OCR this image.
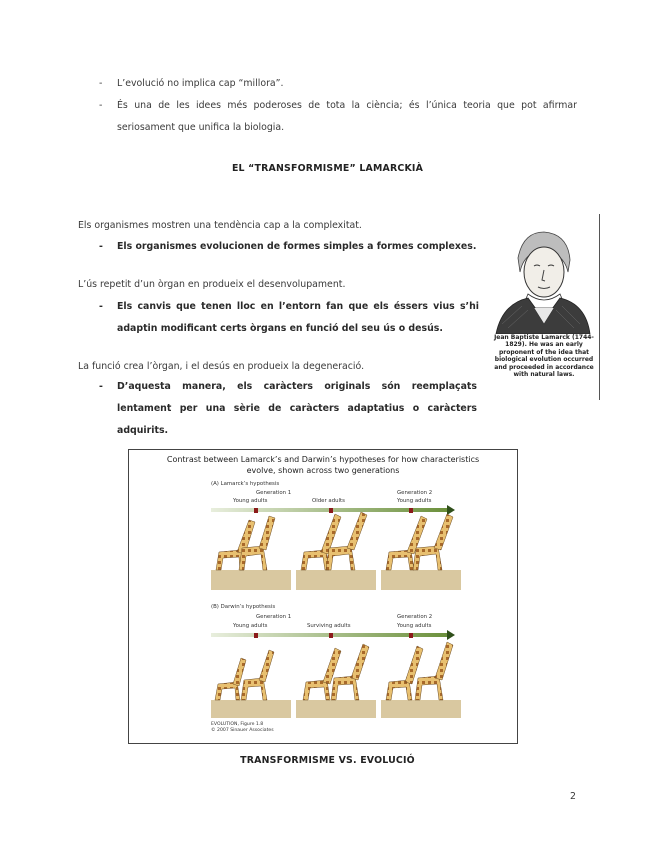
- L’evolució no implica cap “millora”.
- És una de les idees més poderoses de tota la ciència; és l’única teoria que pot afirmar seriosament que unifica la biologia.
EL “TRANSFORMISME” LAMARCKIÀ
Els organismes mostren una tendència cap a la complexitat.
- Els organismes evolucionen de formes simples a formes complexes.
L’ús repetit d’un òrgan en produeix el desenvolupament.
- Els canvis que tenen lloc en l’entorn fan que els éssers vius s’hi adaptin modificant certs òrgans en funció del seu ús o desús.
La funció crea l’òrgan, i el desús en produeix la degeneració.
- D’aquesta manera, els caràcters originals són reemplaçats lentament per una sèrie de caràcters adaptatius o caràcters adquirits.
Jean Baptiste Lamarck (1744-1829). He was an early proponent of the idea that biological evolution occurred and proceeded in accordance with natural laws.
Contrast between Lamarck’s and Darwin’s hypotheses for how characteristics evolve, shown across two generations
(A) Lamarck’s hypothesis
Generation 1	Generation 2
Young adults	Older adults	Young adults
(B) Darwin’s hypothesis
Generation 1	Generation 2
Young adults	Surviving adults	Young adults
EVOLUTION, Figure 1.8
© 2007 Sinauer Associates
TRANSFORMISME VS. EVOLUCIÓ
2
